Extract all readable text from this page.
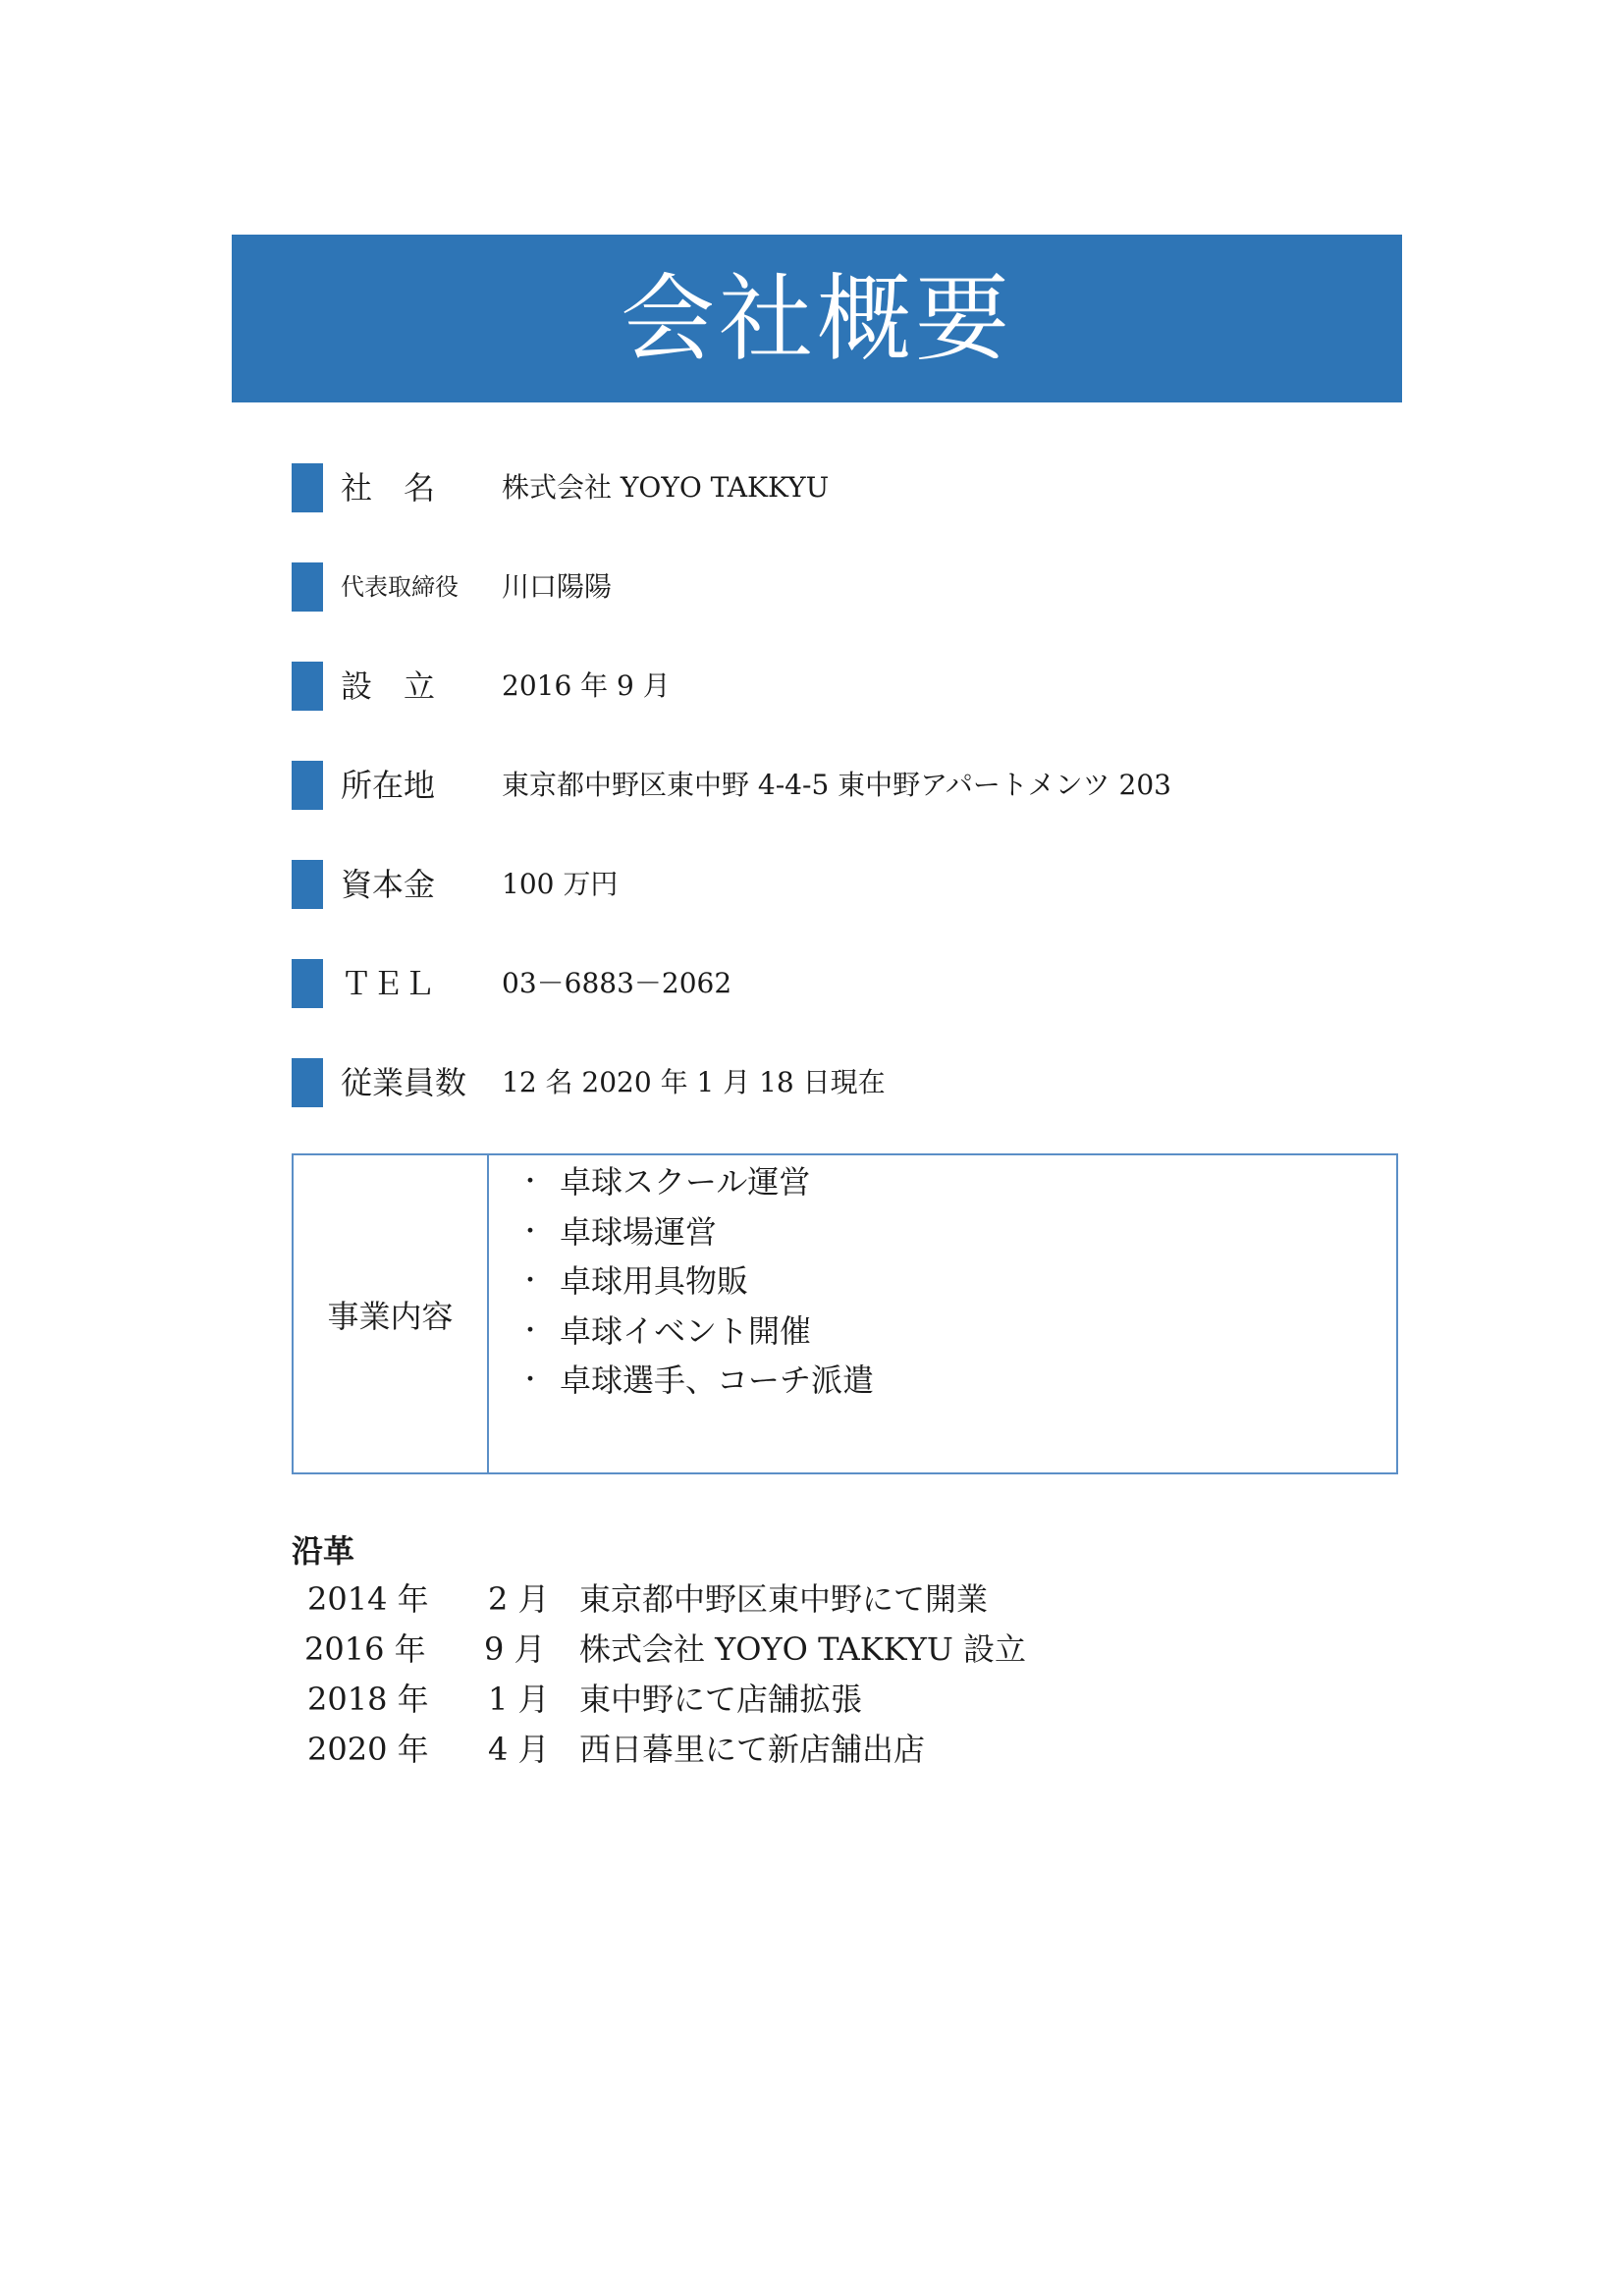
会社概要
社　名 株式会社 YOYO TAKKYU
代表取締役 川口陽陽
設　立 2016 年 9 月
所在地 東京都中野区東中野 4-4-5 東中野アパートメンツ 203
資本金 100 万円
ＴＥＬ 03－6883－2062
従業員数 12 名 2020 年 1 月 18 日現在
事業内容
・ 卓球スクール運営
・ 卓球場運営
・ 卓球用具物販
・ 卓球イベント開催
・ 卓球選手、コーチ派遣
沿革
2014 年 2 月 東京都中野区東中野にて開業
2016 年 9 月 株式会社 YOYO TAKKYU 設立
2018 年 1 月 東中野にて店舗拡張
2020 年 4 月 西日暮里にて新店舗出店
